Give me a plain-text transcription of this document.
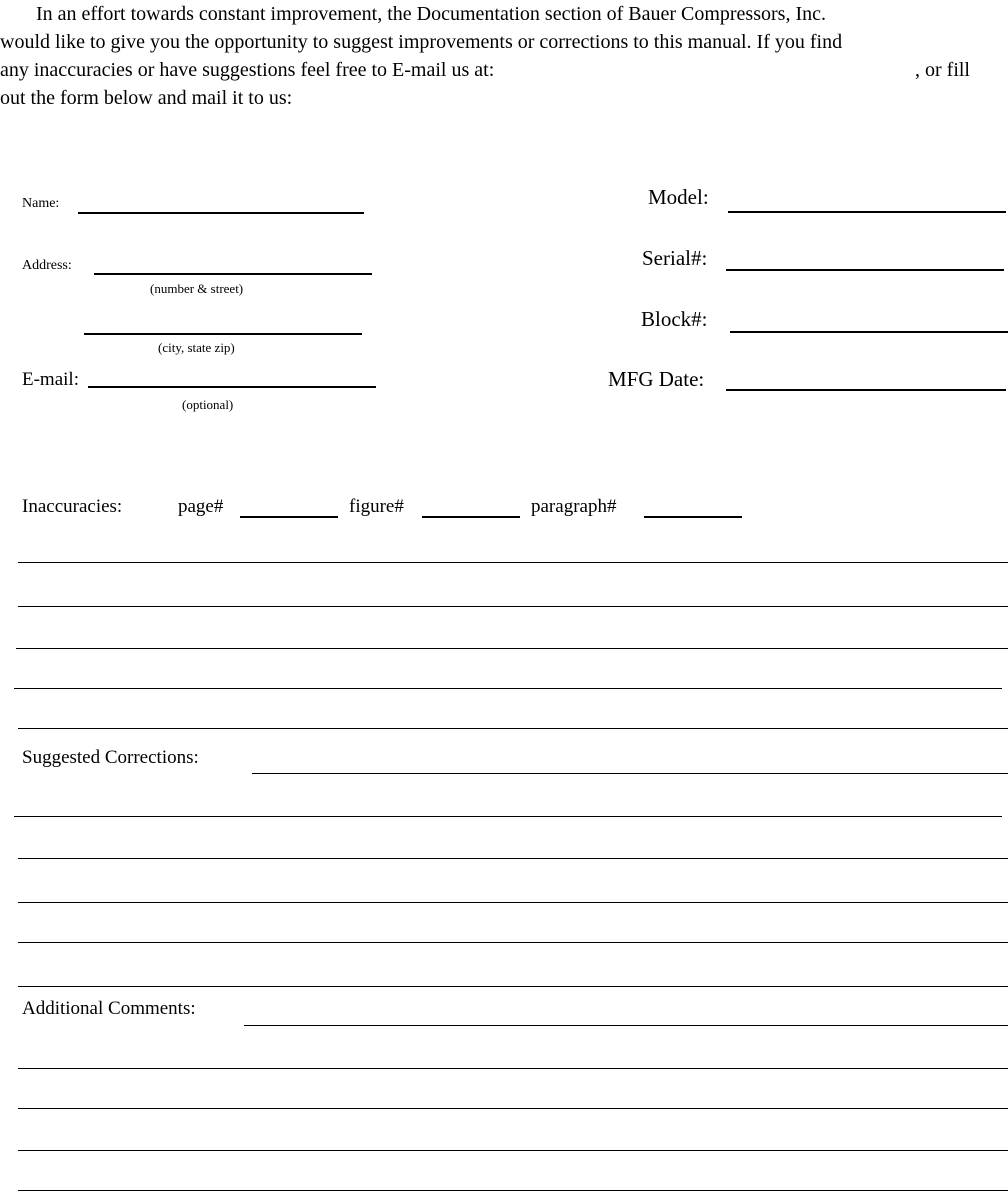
In an effort towards constant improvement, the Documentation section of Bauer Compressors, Inc.
would like to give you the opportunity to suggest improvements or corrections to this manual. If you find
any inaccuracies or have suggestions feel free to E-mail us at:	, or fill
out the form below and mail it to us:
Name:
Address:
(number & street)
(city, state zip)
E-mail:
(optional)
Model:
Serial#:
Block#:
MFG Date:
Inaccuracies:	page#	figure#	paragraph#
Suggested Corrections:
Additional Comments:
